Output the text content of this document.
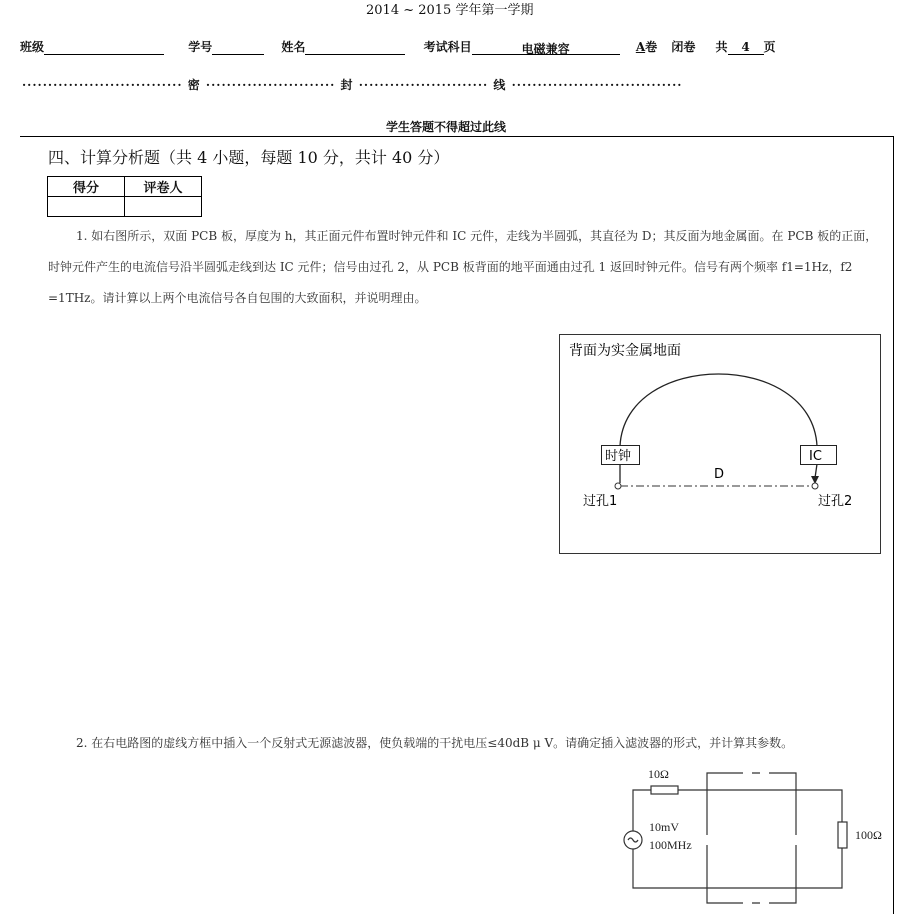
2014 ~ 2015 学年第一学期
班级	学号	姓名	考试科目	电磁兼容	A卷 闭卷 共 4 页
······························· 密 ························· 封 ························· 线 ·································
学生答题不得超过此线
四、计算分析题（共 4 小题，每题 10 分，共计 40 分）
得分	评卷人

1. 如右图所示，双面 PCB 板，厚度为 h，其正面元件布置时钟元件和 IC 元件，走线为半圆弧，其直径为 D；其反面为地金属面。在 PCB 板的正面，时钟元件产生的电流信号沿半圆弧走线到达 IC 元件；信号由过孔 2，从 PCB 板背面的地平面通由过孔 1 返回时钟元件。信号有两个频率 f1=1Hz，f2 =1THz。请计算以上两个电流信号各自包围的大致面积，并说明理由。
背面为实金属地面
时钟	IC
D
过孔1	过孔2
2. 在右电路图的虚线方框中插入一个反射式无源滤波器，使负载端的干扰电压≤40dB μ V。请确定插入滤波器的形式，并计算其参数。
10Ω
10mV
100MHz
100Ω
